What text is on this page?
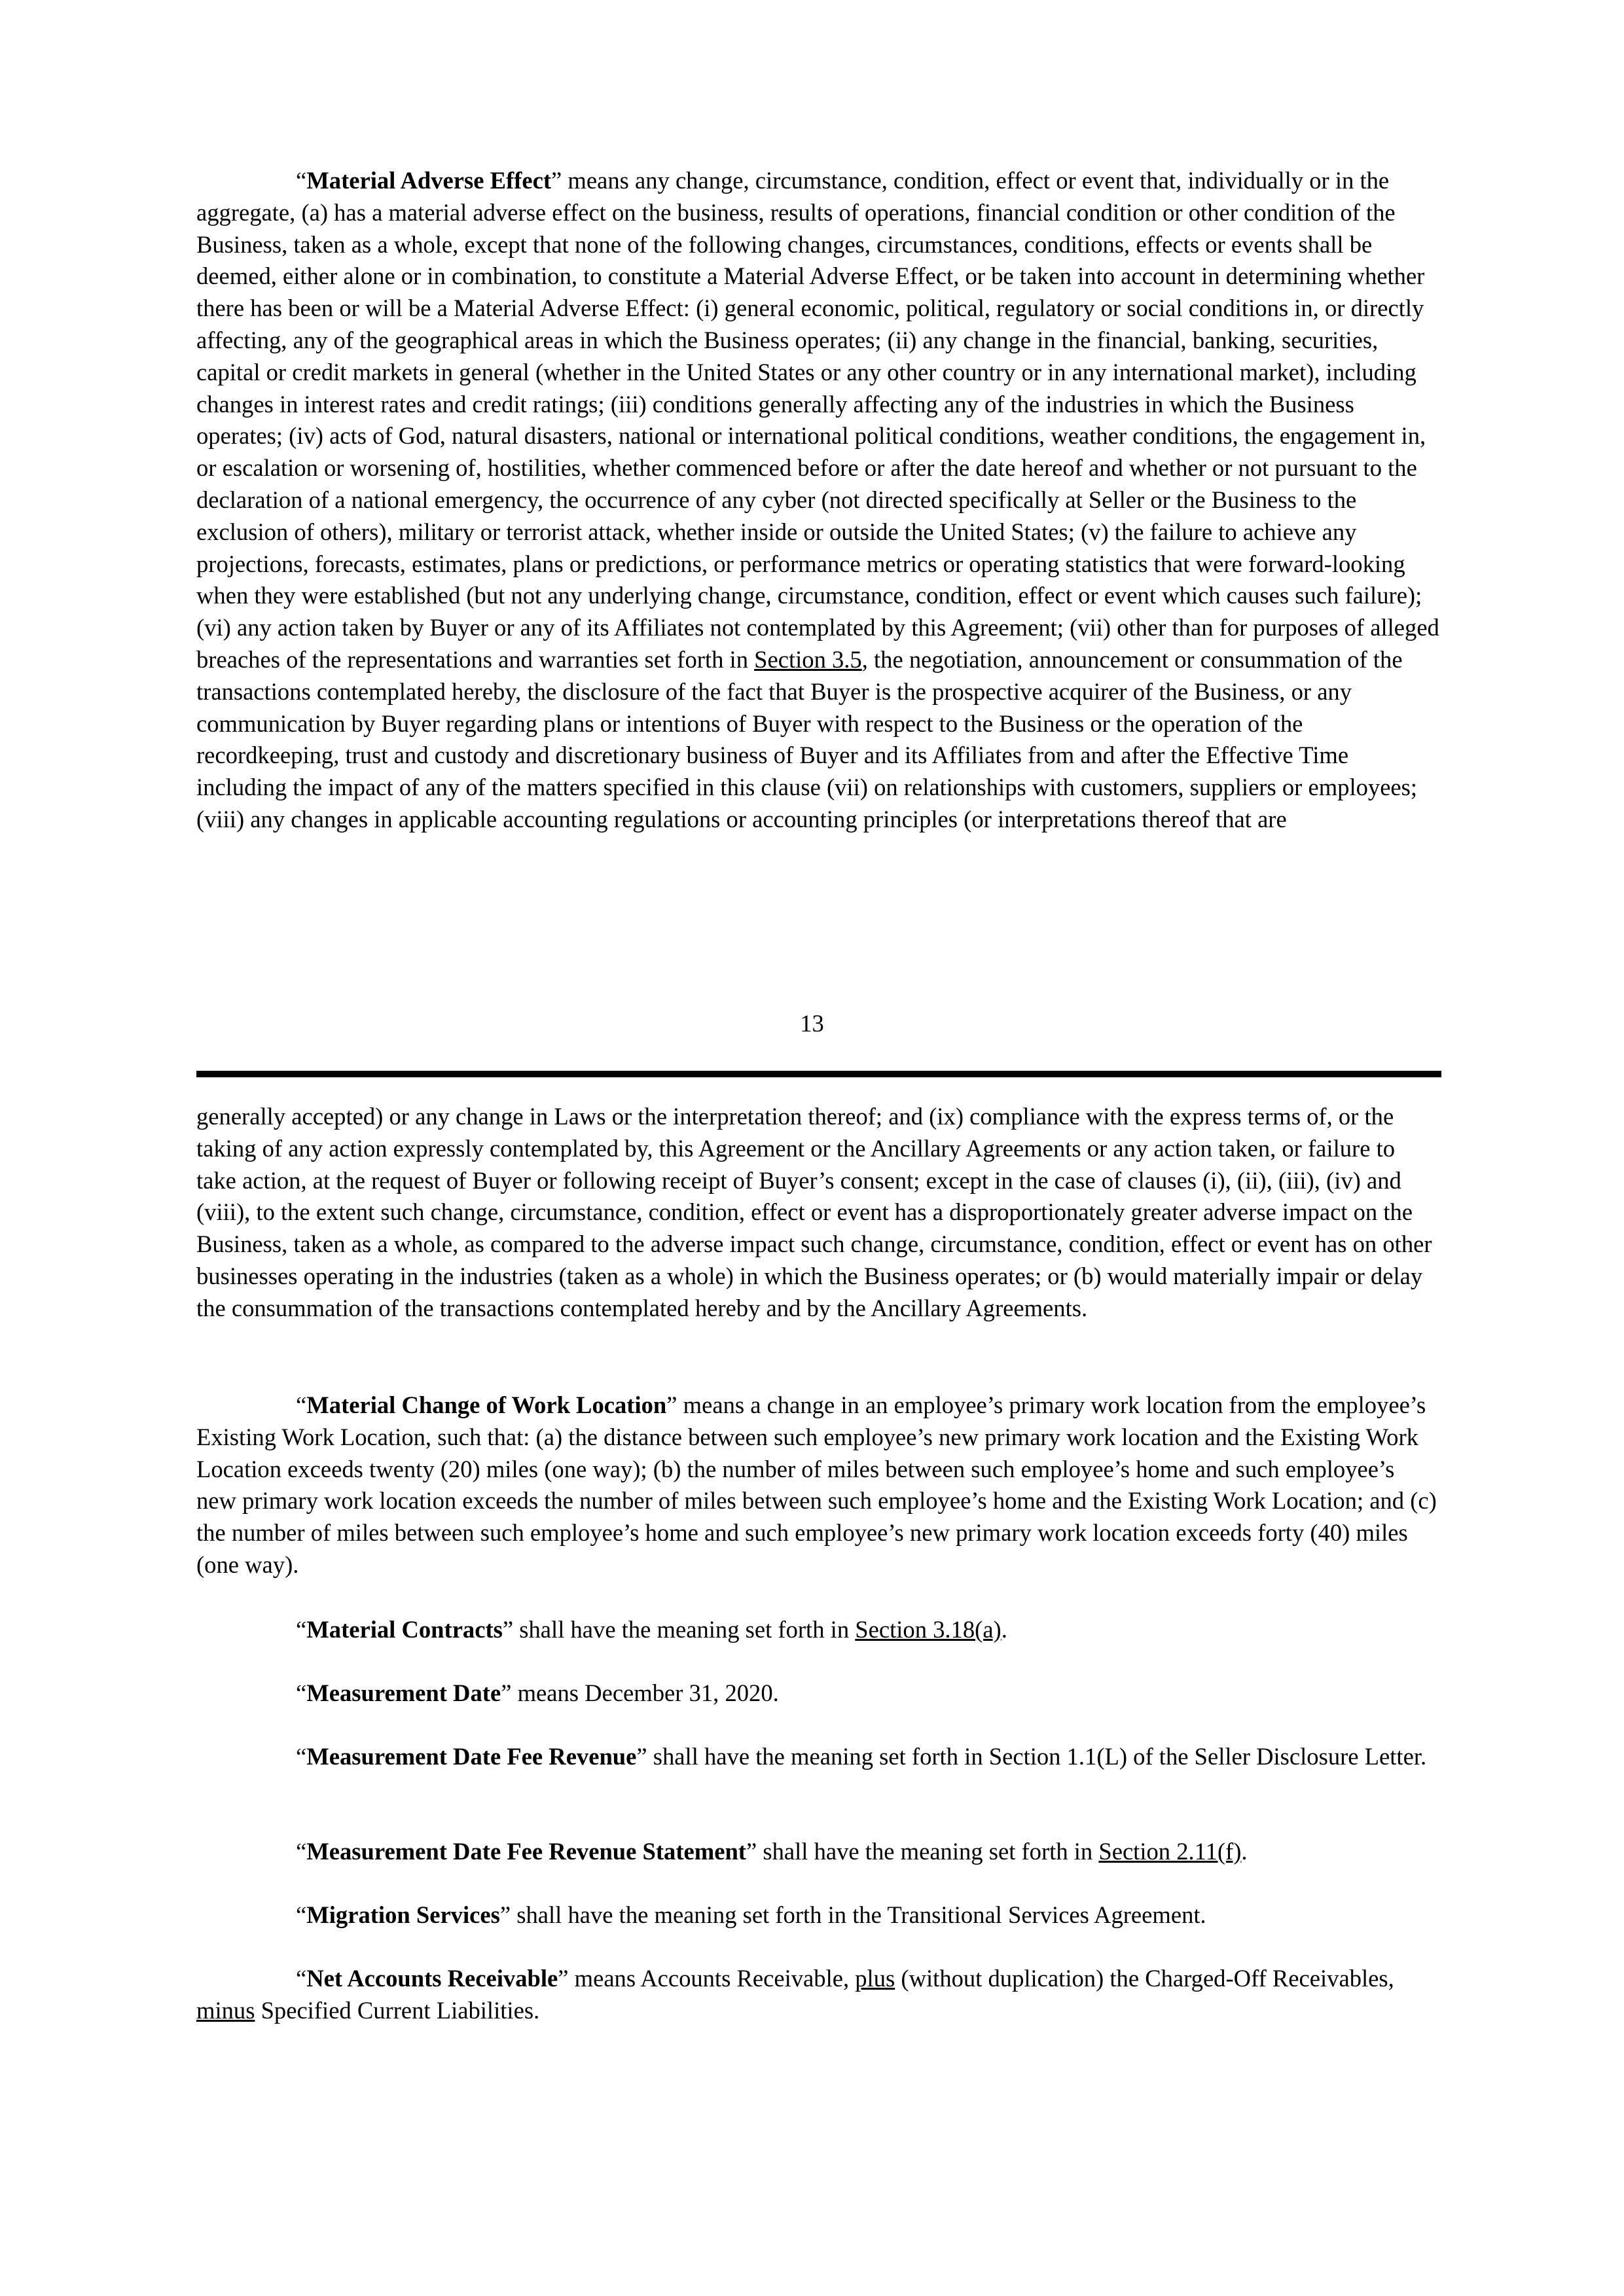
“Material Adverse Effect” means any change, circumstance, condition, effect or event that, individually or in the aggregate, (a) has a material adverse effect on the business, results of operations, financial condition or other condition of the Business, taken as a whole, except that none of the following changes, circumstances, conditions, effects or events shall be deemed, either alone or in combination, to constitute a Material Adverse Effect, or be taken into account in determining whether there has been or will be a Material Adverse Effect: (i) general economic, political, regulatory or social conditions in, or directly affecting, any of the geographical areas in which the Business operates; (ii) any change in the financial, banking, securities, capital or credit markets in general (whether in the United States or any other country or in any international market), including changes in interest rates and credit ratings; (iii) conditions generally affecting any of the industries in which the Business operates; (iv) acts of God, natural disasters, national or international political conditions, weather conditions, the engagement in, or escalation or worsening of, hostilities, whether commenced before or after the date hereof and whether or not pursuant to the declaration of a national emergency, the occurrence of any cyber (not directed specifically at Seller or the Business to the exclusion of others), military or terrorist attack, whether inside or outside the United States; (v) the failure to achieve any projections, forecasts, estimates, plans or predictions, or performance metrics or operating statistics that were forward-looking when they were established (but not any underlying change, circumstance, condition, effect or event which causes such failure); (vi) any action taken by Buyer or any of its Affiliates not contemplated by this Agreement; (vii) other than for purposes of alleged breaches of the representations and warranties set forth in Section 3.5, the negotiation, announcement or consummation of the transactions contemplated hereby, the disclosure of the fact that Buyer is the prospective acquirer of the Business, or any communication by Buyer regarding plans or intentions of Buyer with respect to the Business or the operation of the recordkeeping, trust and custody and discretionary business of Buyer and its Affiliates from and after the Effective Time including the impact of any of the matters specified in this clause (vii) on relationships with customers, suppliers or employees; (viii) any changes in applicable accounting regulations or accounting principles (or interpretations thereof that are

13

generally accepted) or any change in Laws or the interpretation thereof; and (ix) compliance with the express terms of, or the taking of any action expressly contemplated by, this Agreement or the Ancillary Agreements or any action taken, or failure to take action, at the request of Buyer or following receipt of Buyer’s consent; except in the case of clauses (i), (ii), (iii), (iv) and (viii), to the extent such change, circumstance, condition, effect or event has a disproportionately greater adverse impact on the Business, taken as a whole, as compared to the adverse impact such change, circumstance, condition, effect or event has on other businesses operating in the industries (taken as a whole) in which the Business operates; or (b) would materially impair or delay the consummation of the transactions contemplated hereby and by the Ancillary Agreements.

“Material Change of Work Location” means a change in an employee’s primary work location from the employee’s Existing Work Location, such that: (a) the distance between such employee’s new primary work location and the Existing Work Location exceeds twenty (20) miles (one way); (b) the number of miles between such employee’s home and such employee’s new primary work location exceeds the number of miles between such employee’s home and the Existing Work Location; and (c) the number of miles between such employee’s home and such employee’s new primary work location exceeds forty (40) miles (one way).

“Material Contracts” shall have the meaning set forth in Section 3.18(a).

“Measurement Date” means December 31, 2020.

“Measurement Date Fee Revenue” shall have the meaning set forth in Section 1.1(L) of the Seller Disclosure Letter.

“Measurement Date Fee Revenue Statement” shall have the meaning set forth in Section 2.11(f).

“Migration Services” shall have the meaning set forth in the Transitional Services Agreement.

“Net Accounts Receivable” means Accounts Receivable, plus (without duplication) the Charged-Off Receivables, minus Specified Current Liabilities.
